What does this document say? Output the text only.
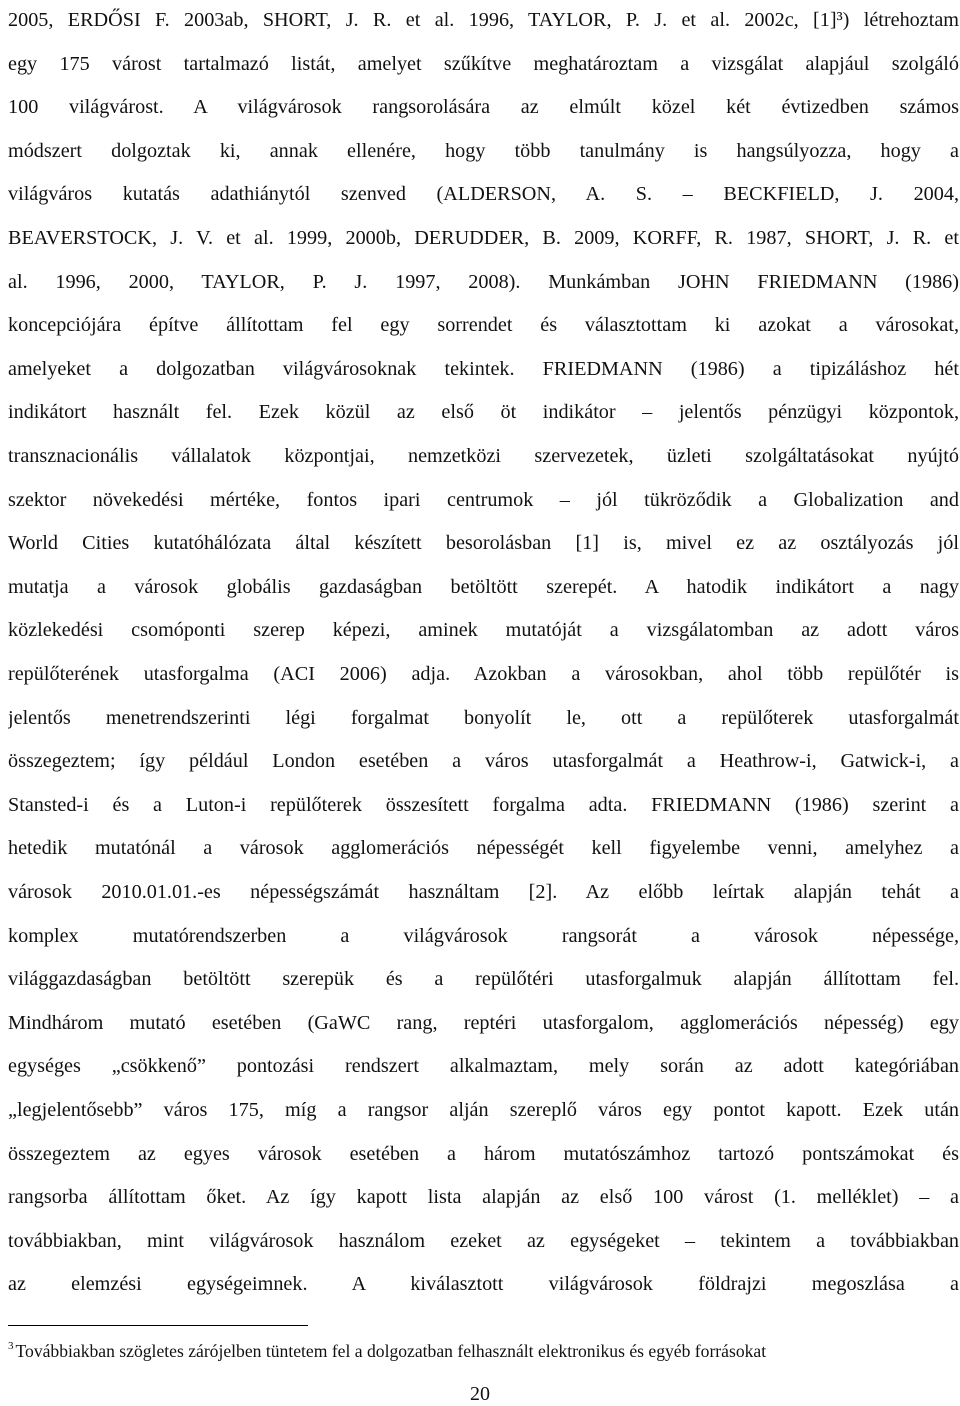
2005, ERDŐSI F. 2003ab, SHORT, J. R. et al. 1996, TAYLOR, P. J. et al. 2002c, [1]³) létrehoztam
egy 175 várost tartalmazó listát, amelyet szűkítve meghatároztam a vizsgálat alapjául szolgáló
100 világvárost. A világvárosok rangsorolására az elmúlt közel két évtizedben számos
módszert dolgoztak ki, annak ellenére, hogy több tanulmány is hangsúlyozza, hogy a
világváros kutatás adathiánytól szenved (ALDERSON, A. S. – BECKFIELD, J. 2004,
BEAVERSTOCK, J. V. et al. 1999, 2000b, DERUDDER, B. 2009, KORFF, R. 1987, SHORT, J. R. et
al. 1996, 2000, TAYLOR, P. J. 1997, 2008). Munkámban JOHN FRIEDMANN (1986)
koncepciójára építve állítottam fel egy sorrendet és választottam ki azokat a városokat,
amelyeket a dolgozatban világvárosoknak tekintek. FRIEDMANN (1986) a tipizáláshoz hét
indikátort használt fel. Ezek közül az első öt indikátor – jelentős pénzügyi központok,
transznacionális vállalatok központjai, nemzetközi szervezetek, üzleti szolgáltatásokat nyújtó
szektor növekedési mértéke, fontos ipari centrumok – jól tükröződik a Globalization and
World Cities kutatóhálózata által készített besorolásban [1] is, mivel ez az osztályozás jól
mutatja a városok globális gazdaságban betöltött szerepét. A hatodik indikátort a nagy
közlekedési csomóponti szerep képezi, aminek mutatóját a vizsgálatomban az adott város
repülőterének utasforgalma (ACI 2006) adja. Azokban a városokban, ahol több repülőtér is
jelentős menetrendszerinti légi forgalmat bonyolít le, ott a repülőterek utasforgalmát
összegeztem; így például London esetében a város utasforgalmát a Heathrow-i, Gatwick-i, a
Stansted-i és a Luton-i repülőterek összesített forgalma adta. FRIEDMANN (1986) szerint a
hetedik mutatónál a városok agglomerációs népességét kell figyelembe venni, amelyhez a
városok 2010.01.01.-es népességszámát használtam [2]. Az előbb leírtak alapján tehát a
komplex mutatórendszerben a világvárosok rangsorát a városok népessége,
világgazdaságban betöltött szerepük és a repülőtéri utasforgalmuk alapján állítottam fel.
Mindhárom mutató esetében (GaWC rang, reptéri utasforgalom, agglomerációs népesség) egy
egységes „csökkenő” pontozási rendszert alkalmaztam, mely során az adott kategóriában
„legjelentősebb” város 175, míg a rangsor alján szereplő város egy pontot kapott. Ezek után
összegeztem az egyes városok esetében a három mutatószámhoz tartozó pontszámokat és
rangsorba állítottam őket. Az így kapott lista alapján az első 100 várost (1. melléklet) – a
továbbiakban, mint világvárosok használom ezeket az egységeket – tekintem a továbbiakban
az elemzési egységeimnek. A kiválasztott világvárosok földrajzi megoszlása a
$^3$ Továbbiakban szögletes zárójelben tüntetem fel a dolgozatban felhasznált elektronikus és egyéb forrásokat
20
